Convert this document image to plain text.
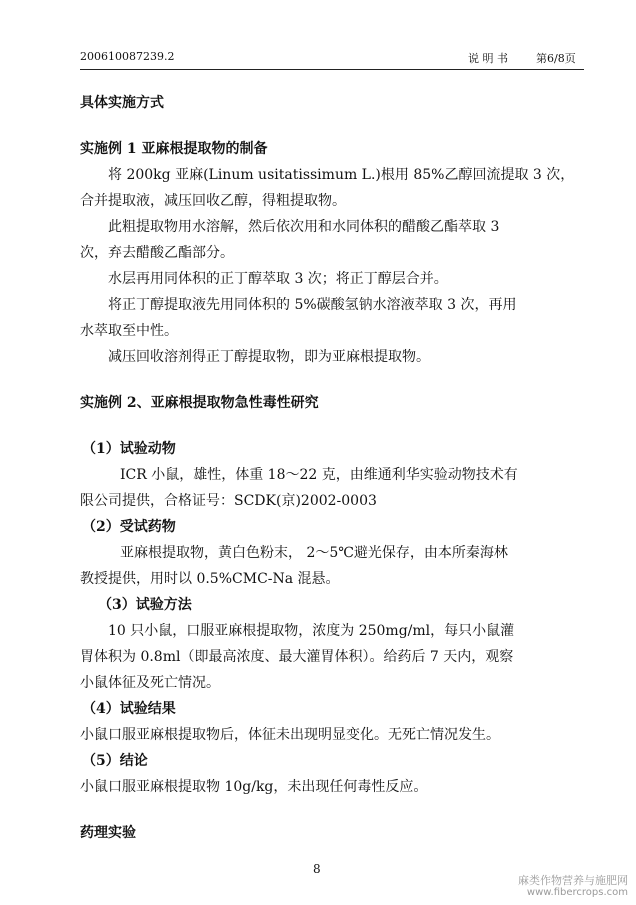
200610087239.2	说 明 书	第6/8页
具体实施方式
实施例 1 亚麻根提取物的制备
将 200kg 亚麻(Linum usitatissimum L.)根用 85%乙醇回流提取 3 次，
合并提取液，减压回收乙醇，得粗提取物。
此粗提取物用水溶解，然后依次用和水同体积的醋酸乙酯萃取 3
次，弃去醋酸乙酯部分。
水层再用同体积的正丁醇萃取 3 次；将正丁醇层合并。
将正丁醇提取液先用同体积的 5%碳酸氢钠水溶液萃取 3 次，再用
水萃取至中性。
减压回收溶剂得正丁醇提取物，即为亚麻根提取物。
实施例 2、亚麻根提取物急性毒性研究
（1）试验动物
ICR 小鼠，雄性，体重 18～22 克，由维通利华实验动物技术有
限公司提供，合格证号：SCDK(京)2002-0003
（2）受试药物
亚麻根提取物，黄白色粉末， 2～5℃避光保存，由本所秦海林
教授提供，用时以 0.5%CMC-Na 混悬。
（3）试验方法
10 只小鼠，口服亚麻根提取物，浓度为 250mg/ml，每只小鼠灌
胃体积为 0.8ml（即最高浓度、最大灌胃体积）。给药后 7 天内，观察
小鼠体征及死亡情况。
（4）试验结果
小鼠口服亚麻根提取物后，体征未出现明显变化。无死亡情况发生。
（5）结论
小鼠口服亚麻根提取物 10g/kg，未出现任何毒性反应。
药理实验
8
麻类作物营养与施肥网
www.fibercrops.com
